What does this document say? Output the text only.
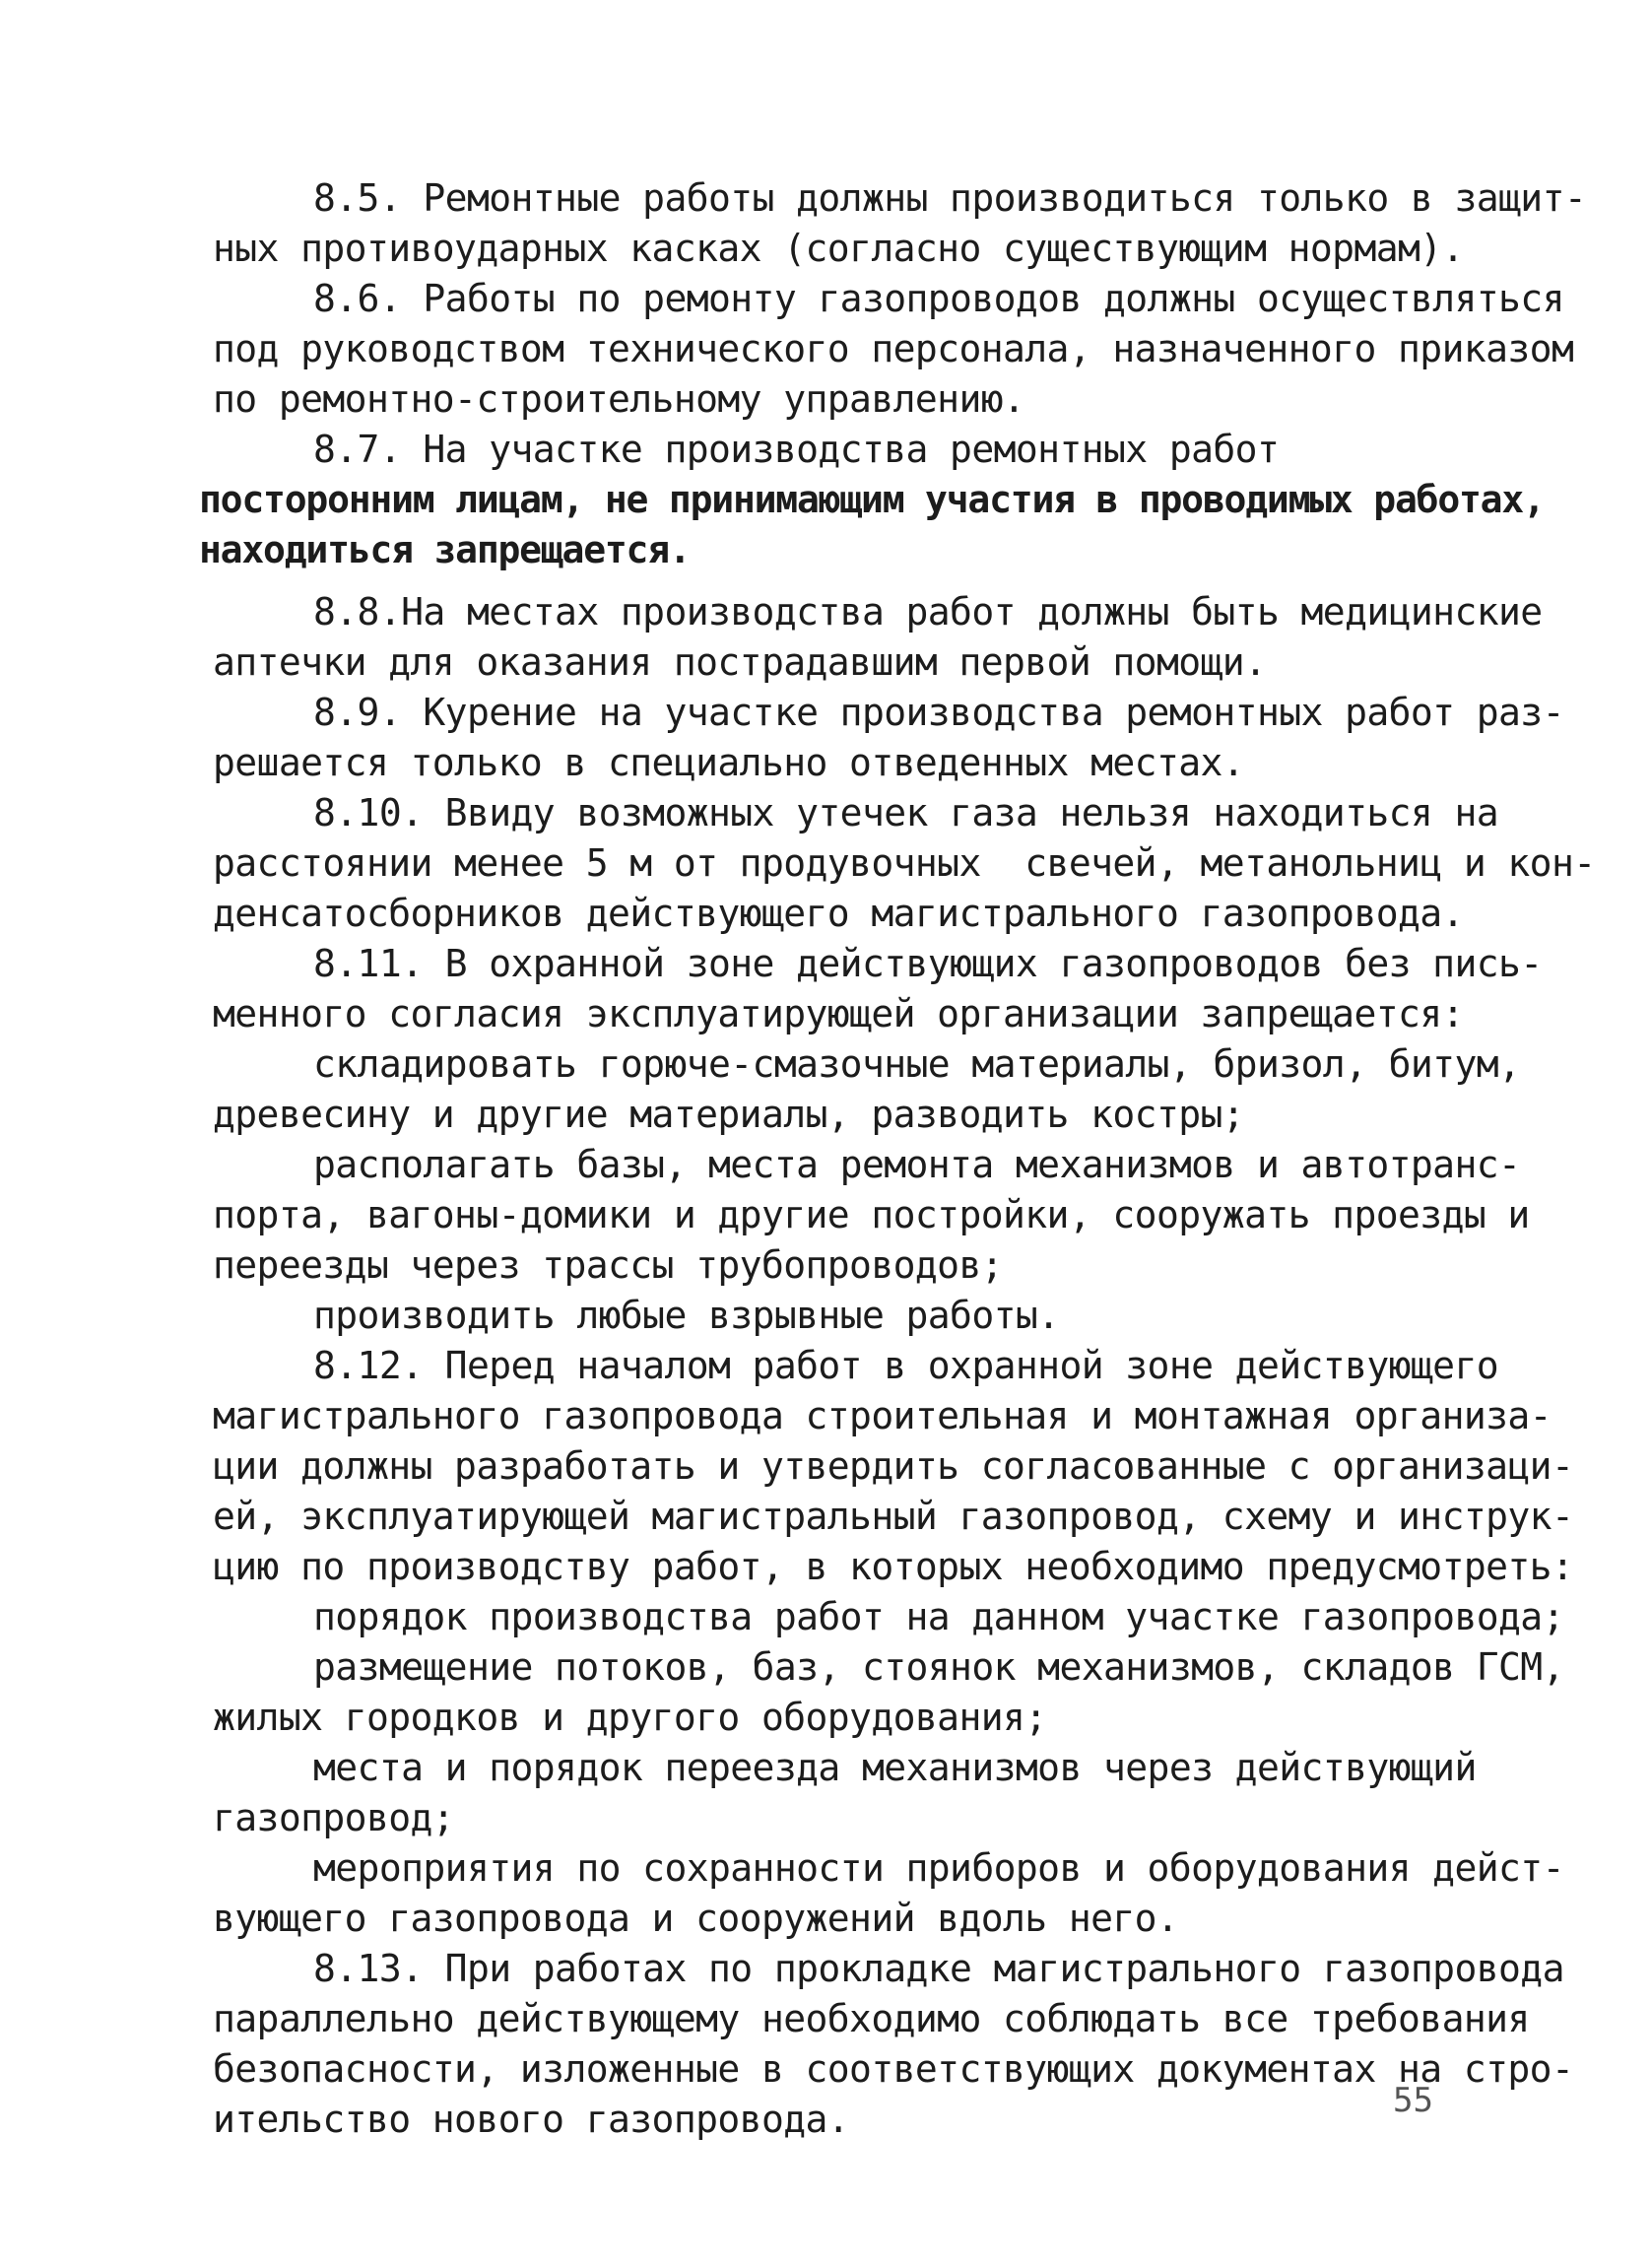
8.5. Ремонтные работы должны производиться только в защит-
ных противоударных касках (согласно существующим нормам).
8.6. Работы по ремонту газопроводов должны осуществляться
под руководством технического персонала, назначенного приказом
по ремонтно-строительному управлению.
8.7. На участке производства ремонтных работ
посторонним лицам, не принимающим участия в проводимых работах,
находиться запрещается.
8.8.На местах производства работ должны быть медицинские
аптечки для оказания пострадавшим первой помощи.
8.9. Курение на участке производства ремонтных работ раз-
решается только в специально отведенных местах.
8.10. Ввиду возможных утечек газа нельзя находиться на
расстоянии менее 5 м от продувочных  свечей, метанольниц и кон-
денсатосборников действующего магистрального газопровода.
8.11. В охранной зоне действующих газопроводов без пись-
менного согласия эксплуатирующей организации запрещается:
складировать горюче-смазочные материалы, бризол, битум,
древесину и другие материалы, разводить костры;
располагать базы, места ремонта механизмов и автотранс-
порта, вагоны-домики и другие постройки, сооружать проезды и
переезды через трассы трубопроводов;
производить любые взрывные работы.
8.12. Перед началом работ в охранной зоне действующего
магистрального газопровода строительная и монтажная организа-
ции должны разработать и утвердить согласованные с организаци-
ей, эксплуатирующей магистральный газопровод, схему и инструк-
цию по производству работ, в которых необходимо предусмотреть:
порядок производства работ на данном участке газопровода;
размещение потоков, баз, стоянок механизмов, складов ГСМ,
жилых городков и другого оборудования;
места и порядок переезда механизмов через действующий
газопровод;
мероприятия по сохранности приборов и оборудования дейст-
вующего газопровода и сооружений вдоль него.
8.13. При работах по прокладке магистрального газопровода
параллельно действующему необходимо соблюдать все требования
безопасности, изложенные в соответствующих документах на стро-
ительство нового газопровода.	55
